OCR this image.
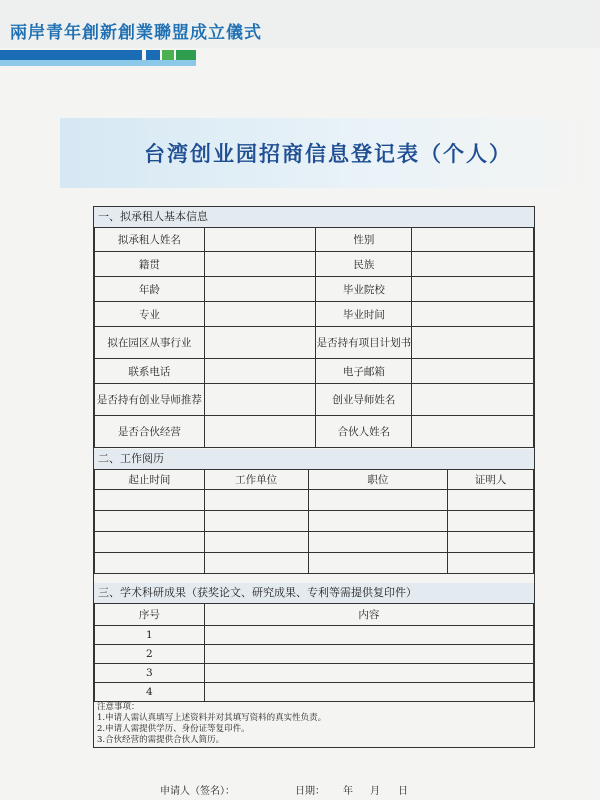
兩岸青年創新創業聯盟成立儀式
台湾创业园招商信息登记表（个人）
一、拟承租人基本信息
拟承租人姓名		性别	
籍贯		民族	
年龄		毕业院校	
专业		毕业时间	
拟在园区从事行业		是否持有项目计划书	
联系电话		电子邮箱	
是否持有创业导师推荐		创业导师姓名	
是否合伙经营		合伙人姓名	
二、工作阅历
起止时间	工作单位	职位	证明人

三、学术科研成果（获奖论文、研究成果、专利等需提供复印件）
序号	内容
1	
2	
3	
4	
注意事项：
1.申请人需认真填写上述资料并对其填写资料的真实性负责。
2.申请人需提供学历、身份证等复印件。
3.合伙经营的需提供合伙人简历。
申请人（签名）：	日期： 年 月 日
